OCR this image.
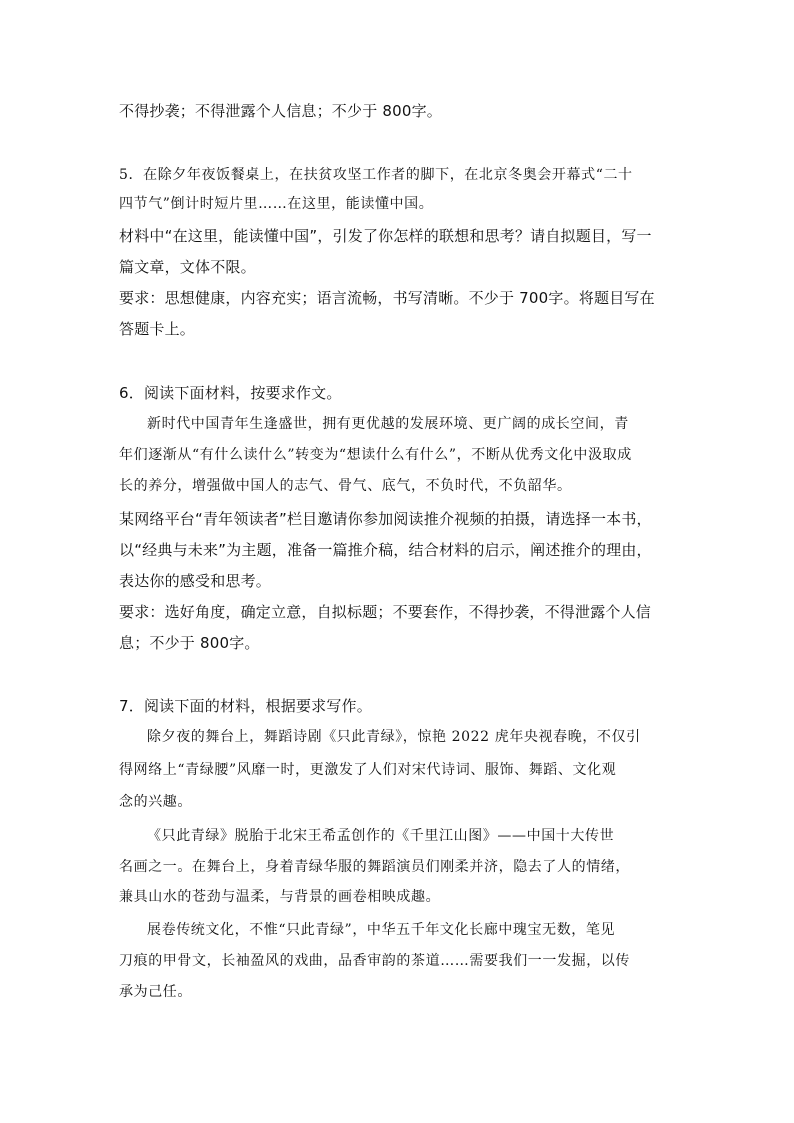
不得抄袭；不得泄露个人信息；不少于 800字。
5．在除夕年夜饭餐桌上，在扶贫攻坚工作者的脚下，在北京冬奥会开幕式“二十
四节气”倒计时短片里……在这里，能读懂中国。
材料中“在这里，能读懂中国”，引发了你怎样的联想和思考？请自拟题目，写一
篇文章，文体不限。
要求：思想健康，内容充实；语言流畅，书写清晰。不少于 700字。将题目写在
答题卡上。
6．阅读下面材料，按要求作文。
新时代中国青年生逢盛世，拥有更优越的发展环境、更广阔的成长空间，青
年们逐渐从“有什么读什么”转变为“想读什么有什么”，不断从优秀文化中汲取成
长的养分，增强做中国人的志气、骨气、底气，不负时代，不负韶华。
某网络平台“青年领读者”栏目邀请你参加阅读推介视频的拍摄，请选择一本书，
以“经典与未来”为主题，准备一篇推介稿，结合材料的启示，阐述推介的理由，
表达你的感受和思考。
要求：选好角度，确定立意，自拟标题；不要套作，不得抄袭，不得泄露个人信
息；不少于 800字。
7．阅读下面的材料，根据要求写作。
除夕夜的舞台上，舞蹈诗剧《只此青绿》，惊艳 2022 虎年央视春晚，不仅引
得网络上“青绿腰”风靡一时，更激发了人们对宋代诗词、服饰、舞蹈、文化观
念的兴趣。
《只此青绿》脱胎于北宋王希孟创作的《千里江山图》——中国十大传世
名画之一。在舞台上，身着青绿华服的舞蹈演员们刚柔并济，隐去了人的情绪，
兼具山水的苍劲与温柔，与背景的画卷相映成趣。
展卷传统文化，不惟“只此青绿”，中华五千年文化长廊中瑰宝无数，笔见
刀痕的甲骨文，长袖盈风的戏曲，品香审韵的茶道……需要我们一一发掘，以传
承为己任。
